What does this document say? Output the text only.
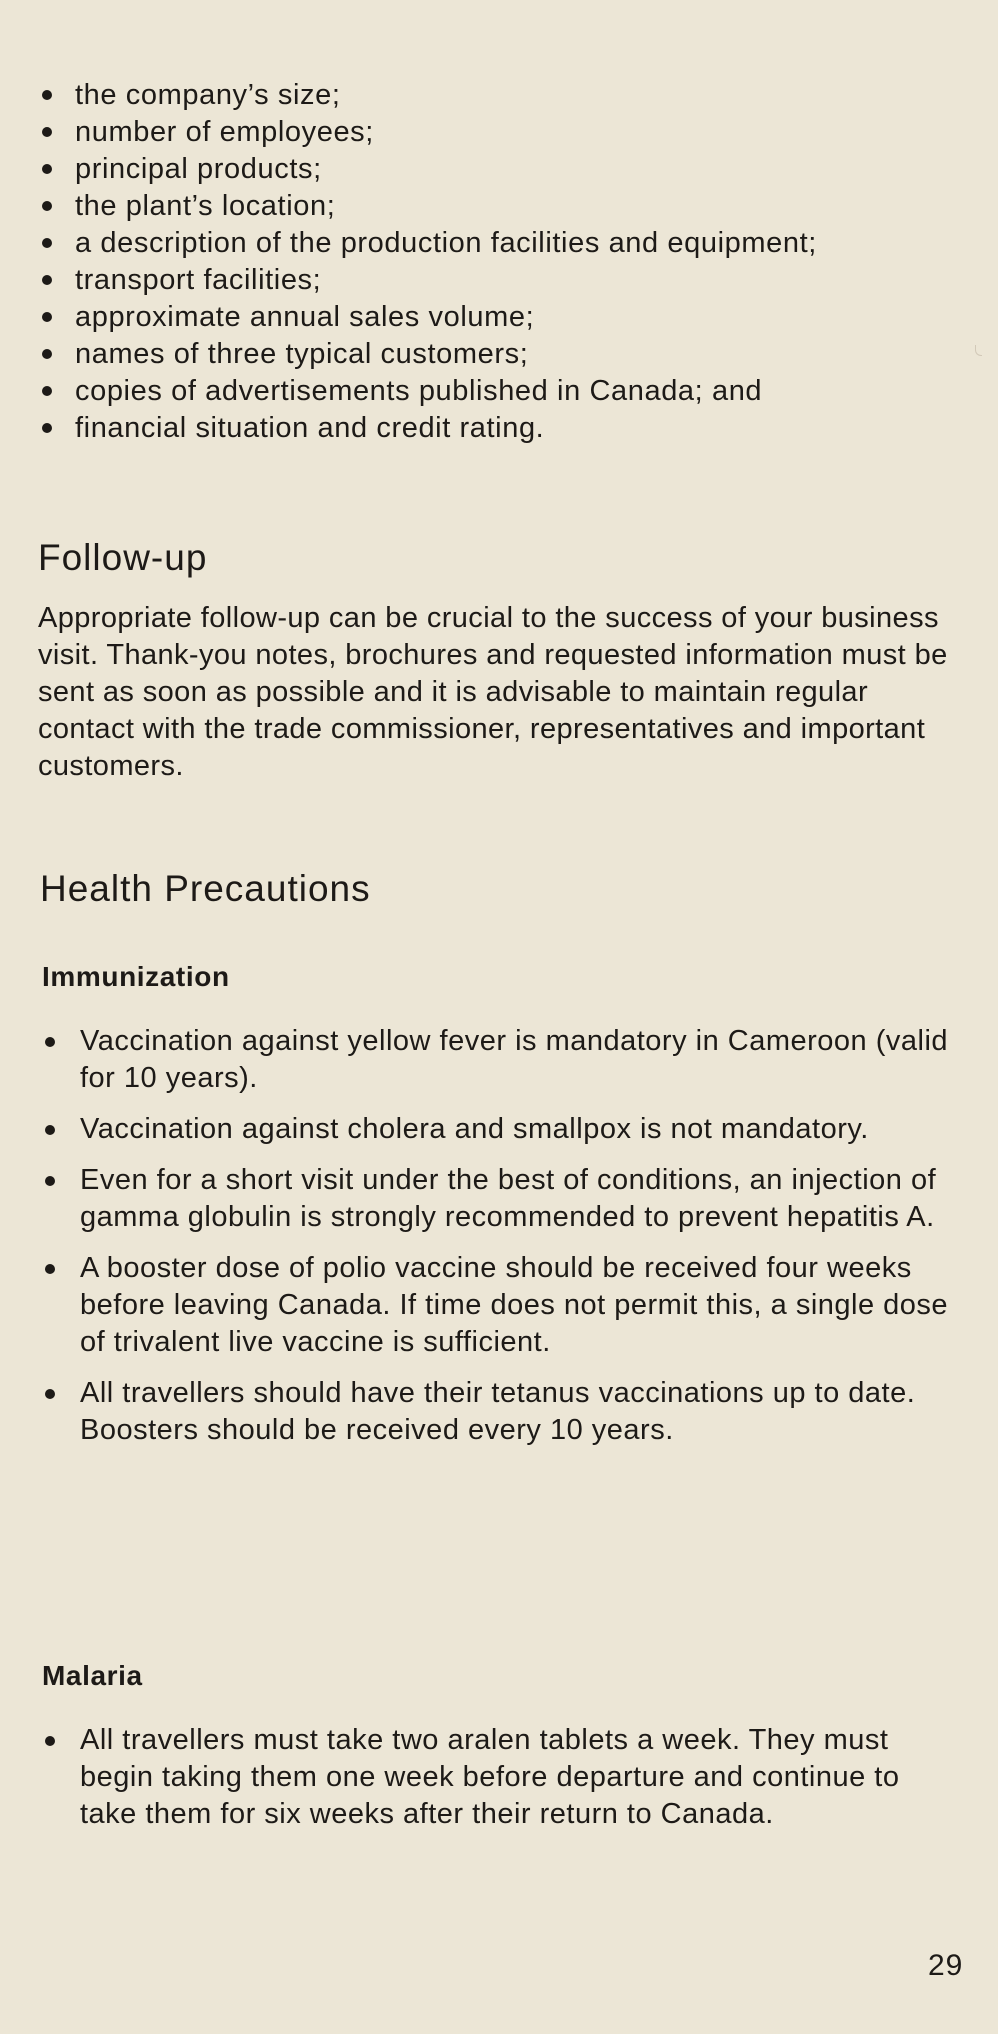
the company’s size;
number of employees;
principal products;
the plant’s location;
a description of the production facilities and equipment;
transport facilities;
approximate annual sales volume;
names of three typical customers;
copies of advertisements published in Canada; and
financial situation and credit rating.
Follow-up

Appropriate follow-up can be crucial to the success of your business visit. Thank-you notes, brochures and requested information must be sent as soon as possible and it is advisable to maintain regular contact with the trade commissioner, representatives and important customers.

Health Precautions
Immunization
Vaccination against yellow fever is mandatory in Cameroon (valid for 10 years).
Vaccination against cholera and smallpox is not mandatory.
Even for a short visit under the best of conditions, an injection of gamma globulin is strongly recommended to prevent hepatitis A.
A booster dose of polio vaccine should be received four weeks before leaving Canada. If time does not permit this, a single dose of trivalent live vaccine is sufficient.
All travellers should have their tetanus vaccinations up to date. Boosters should be received every 10 years.
Malaria
All travellers must take two aralen tablets a week. They must begin taking them one week before departure and continue to take them for six weeks after their return to Canada.
29
